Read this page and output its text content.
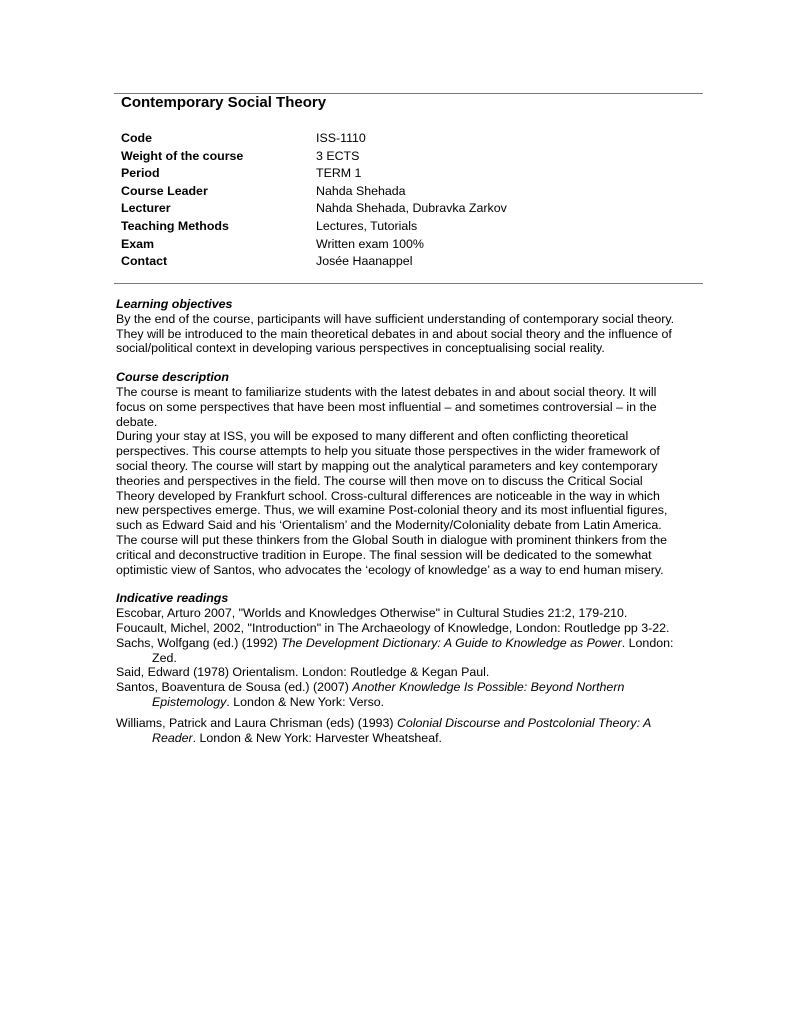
Contemporary Social Theory
Code	ISS-1110
Weight of the course	3 ECTS
Period	TERM 1
Course Leader	Nahda Shehada
Lecturer	Nahda Shehada, Dubravka Zarkov
Teaching Methods	Lectures, Tutorials
Exam	Written exam 100%
Contact	Josée Haanappel

Learning objectives

By the end of the course, participants will have sufficient understanding of contemporary social theory. They will be introduced to the main theoretical debates in and about social theory and the influence of social/political context in developing various perspectives in conceptualising social reality.

Course description

The course is meant to familiarize students with the latest debates in and about social theory. It will focus on some perspectives that have been most influential – and sometimes controversial – in the debate.

During your stay at ISS, you will be exposed to many different and often conflicting theoretical perspectives. This course attempts to help you situate those perspectives in the wider framework of social theory. The course will start by mapping out the analytical parameters and key contemporary theories and perspectives in the field. The course will then move on to discuss the Critical Social Theory developed by Frankfurt school. Cross-cultural differences are noticeable in the way in which new perspectives emerge. Thus, we will examine Post-colonial theory and its most influential figures, such as Edward Said and his ‘Orientalism’ and the Modernity/Coloniality debate from Latin America. The course will put these thinkers from the Global South in dialogue with prominent thinkers from the critical and deconstructive tradition in Europe. The final session will be dedicated to the somewhat optimistic view of Santos, who advocates the ‘ecology of knowledge’ as a way to end human misery.

Indicative readings

Escobar, Arturo 2007, "Worlds and Knowledges Otherwise" in Cultural Studies 21:2, 179-210.

Foucault, Michel, 2002, "Introduction" in The Archaeology of Knowledge, London: Routledge pp 3-22.

Sachs, Wolfgang (ed.) (1992) The Development Dictionary: A Guide to Knowledge as Power. London: Zed.

Said, Edward (1978) Orientalism. London: Routledge & Kegan Paul.

Santos, Boaventura de Sousa (ed.) (2007) Another Knowledge Is Possible: Beyond Northern Epistemology. London & New York: Verso.

Williams, Patrick and Laura Chrisman (eds) (1993) Colonial Discourse and Postcolonial Theory: A Reader. London & New York: Harvester Wheatsheaf.
